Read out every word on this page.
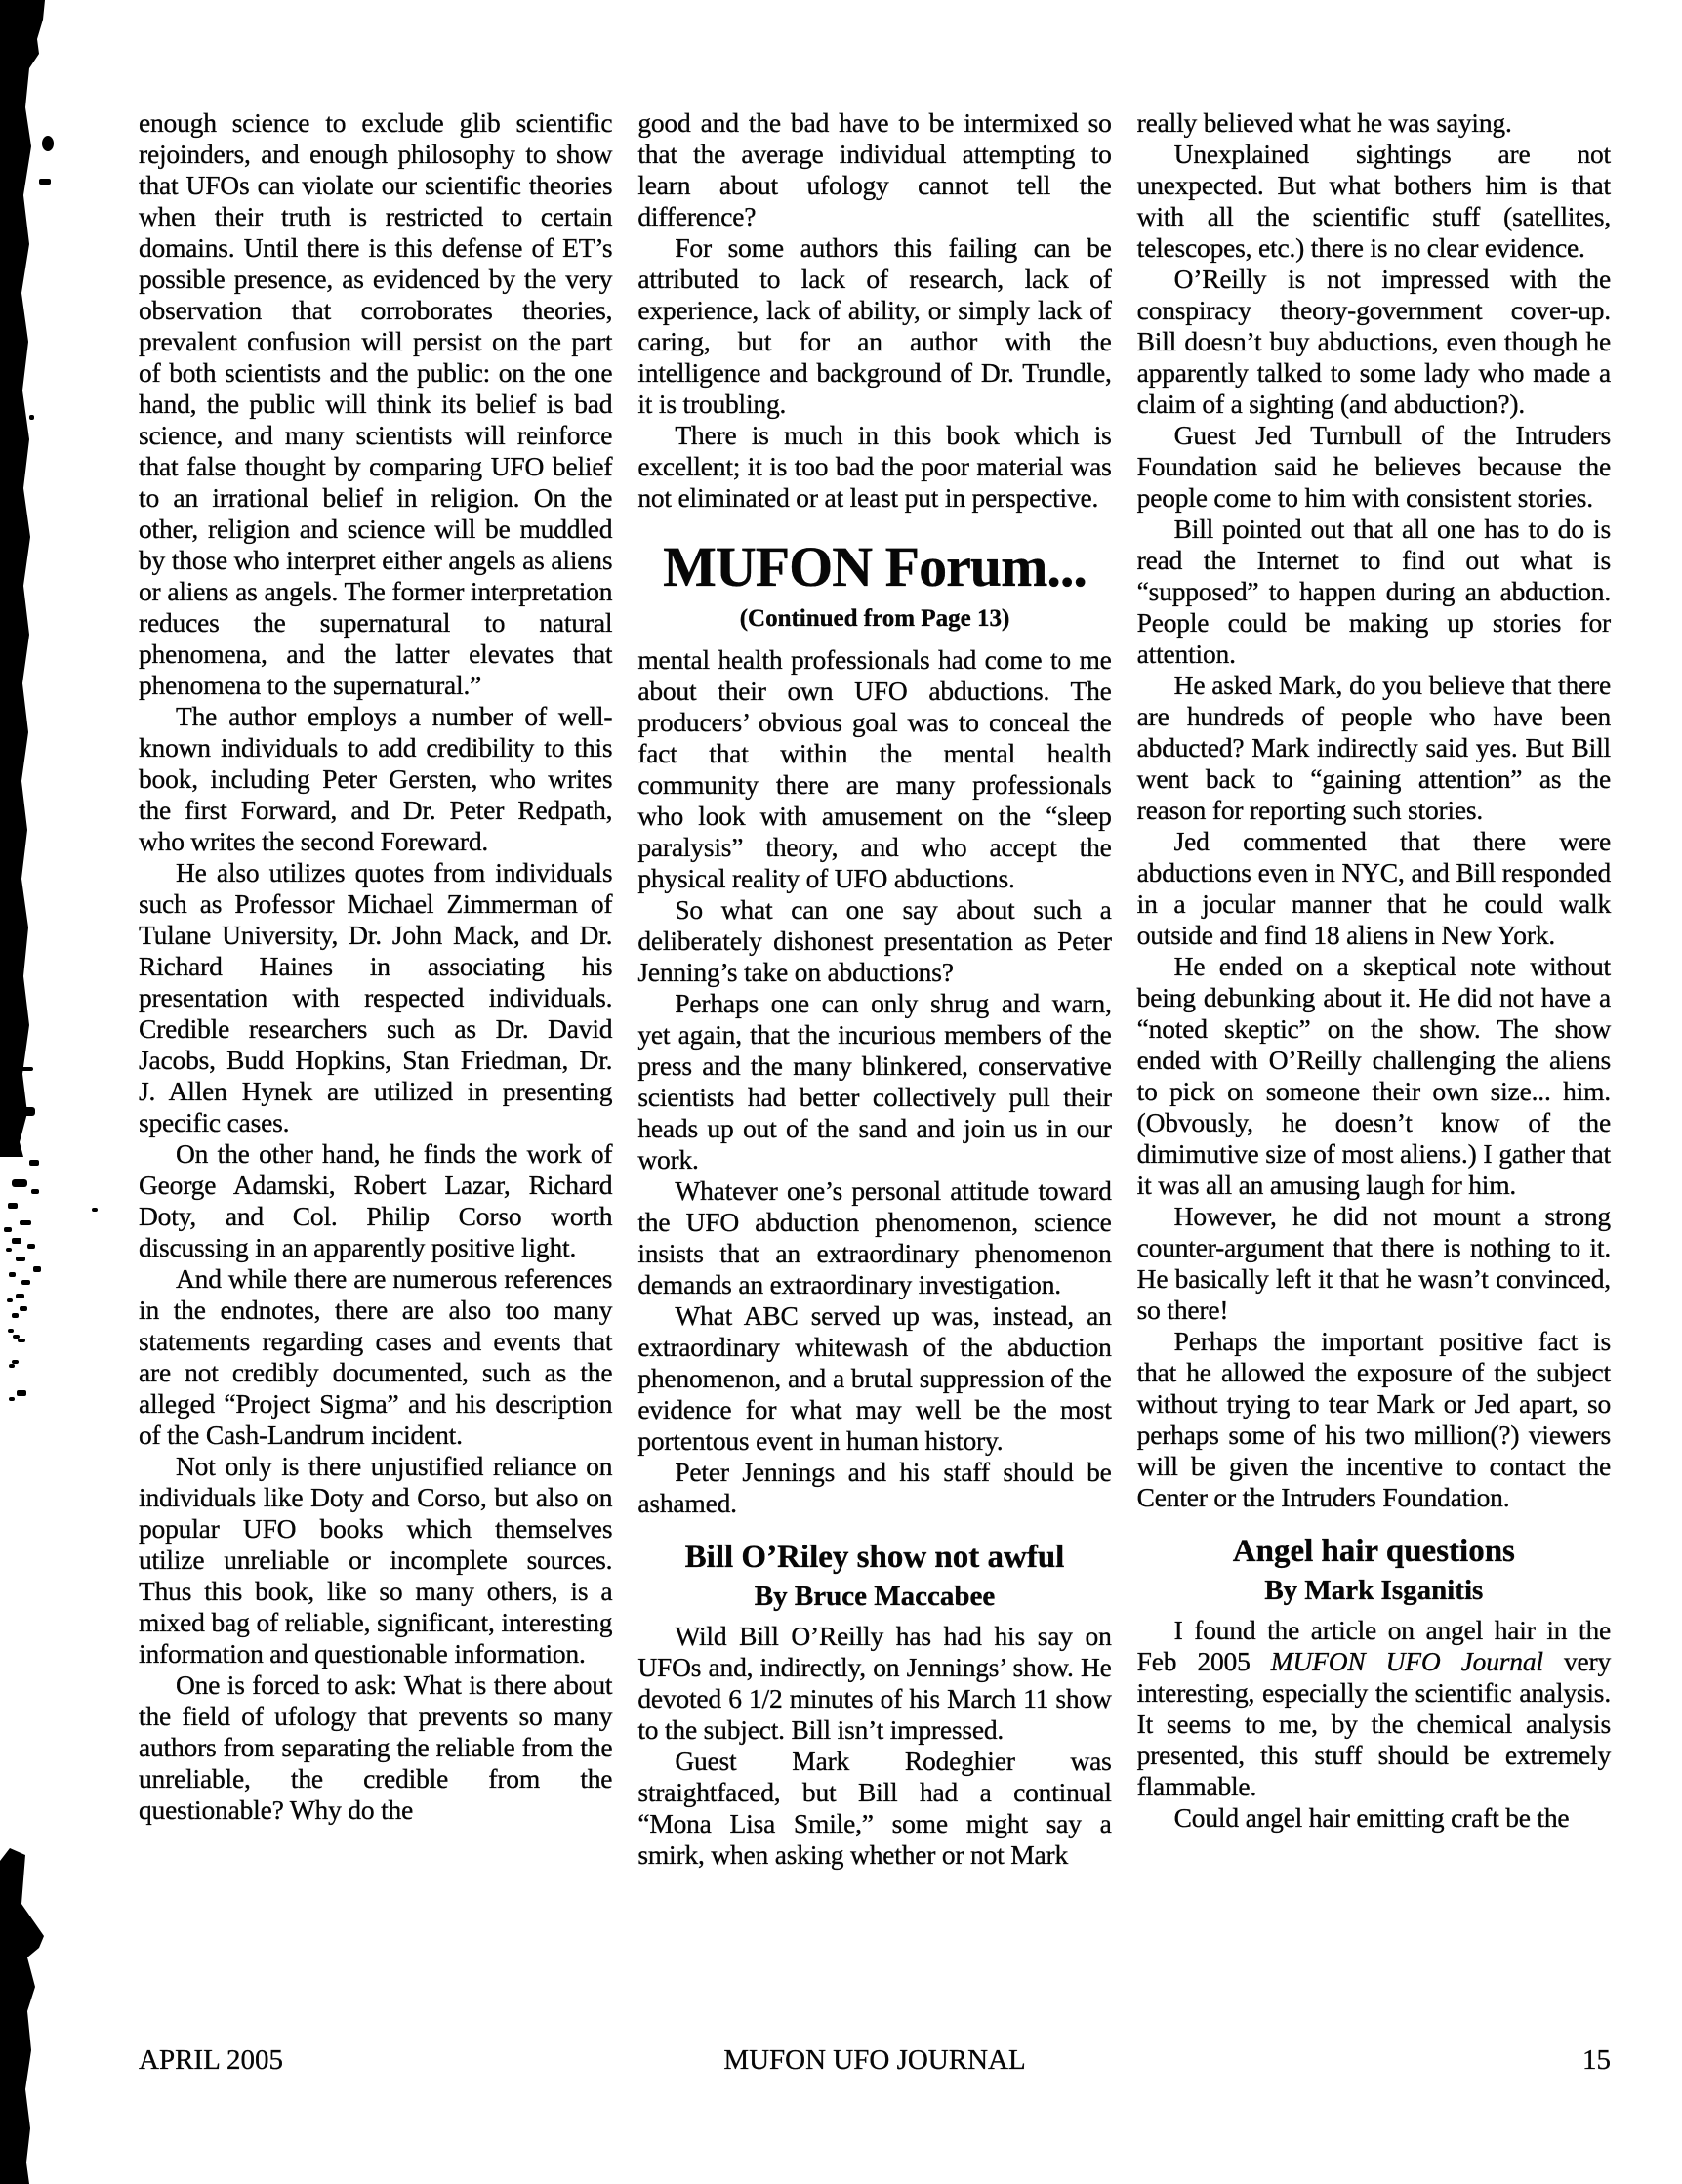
enough science to exclude glib scientific rejoinders, and enough philosophy to show that UFOs can violate our scientific theories when their truth is restricted to certain domains. Until there is this defense of ET’s possible presence, as evidenced by the very observation that corroborates theories, prevalent confusion will persist on the part of both scientists and the public: on the one hand, the public will think its belief is bad science, and many scientists will reinforce that false thought by comparing UFO belief to an irrational belief in religion. On the other, religion and science will be muddled by those who interpret either angels as aliens or aliens as angels. The former interpretation reduces the supernatural to natural phenomena, and the latter elevates that phenomena to the supernatural.”

The author employs a number of well-known individuals to add credibility to this book, including Peter Gersten, who writes the first Forward, and Dr. Peter Redpath, who writes the second Foreward.

He also utilizes quotes from individuals such as Professor Michael Zimmerman of Tulane University, Dr. John Mack, and Dr. Richard Haines in associating his presentation with respected individuals. Credible researchers such as Dr. David Jacobs, Budd Hopkins, Stan Friedman, Dr. J. Allen Hynek are utilized in presenting specific cases.

On the other hand, he finds the work of George Adamski, Robert Lazar, Richard Doty, and Col. Philip Corso worth discussing in an apparently positive light.

And while there are numerous references in the endnotes, there are also too many statements regarding cases and events that are not credibly documented, such as the alleged “Project Sigma” and his description of the Cash-Landrum incident.

Not only is there unjustified reliance on individuals like Doty and Corso, but also on popular UFO books which themselves utilize unreliable or incomplete sources. Thus this book, like so many others, is a mixed bag of reliable, significant, interesting information and questionable information.

One is forced to ask: What is there about the field of ufology that prevents so many authors from separating the reliable from the unreliable, the credible from the questionable? Why do the

good and the bad have to be intermixed so that the average individual attempting to learn about ufology cannot tell the difference?

For some authors this failing can be attributed to lack of research, lack of experience, lack of ability, or simply lack of caring, but for an author with the intelligence and background of Dr. Trundle, it is troubling.

There is much in this book which is excellent; it is too bad the poor material was not eliminated or at least put in perspective.

MUFON Forum...
(Continued from Page 13)

mental health professionals had come to me about their own UFO abductions. The producers’ obvious goal was to conceal the fact that within the mental health community there are many professionals who look with amusement on the “sleep paralysis” theory, and who accept the physical reality of UFO abductions.

So what can one say about such a deliberately dishonest presentation as Peter Jenning’s take on abductions?

Perhaps one can only shrug and warn, yet again, that the incurious members of the press and the many blinkered, conservative scientists had better collectively pull their heads up out of the sand and join us in our work.

Whatever one’s personal attitude toward the UFO abduction phenomenon, science insists that an extraordinary phenomenon demands an extraordinary investigation.

What ABC served up was, instead, an extraordinary whitewash of the abduction phenomenon, and a brutal suppression of the evidence for what may well be the most portentous event in human history.

Peter Jennings and his staff should be ashamed.

Bill O’Riley show not awful
By Bruce Maccabee

Wild Bill O’Reilly has had his say on UFOs and, indirectly, on Jennings’ show. He devoted 6 1/2 minutes of his March 11 show to the subject. Bill isn’t impressed.

Guest Mark Rodeghier was straightfaced, but Bill had a continual “Mona Lisa Smile,” some might say a smirk, when asking whether or not Mark

really believed what he was saying.

Unexplained sightings are not unexpected. But what bothers him is that with all the scientific stuff (satellites, telescopes, etc.) there is no clear evidence.

O’Reilly is not impressed with the conspiracy theory-government cover-up. Bill doesn’t buy abductions, even though he apparently talked to some lady who made a claim of a sighting (and abduction?).

Guest Jed Turnbull of the Intruders Foundation said he believes because the people come to him with consistent stories.

Bill pointed out that all one has to do is read the Internet to find out what is “supposed” to happen during an abduction. People could be making up stories for attention.

He asked Mark, do you believe that there are hundreds of people who have been abducted? Mark indirectly said yes. But Bill went back to “gaining attention” as the reason for reporting such stories.

Jed commented that there were abductions even in NYC, and Bill responded in a jocular manner that he could walk outside and find 18 aliens in New York.

He ended on a skeptical note without being debunking about it. He did not have a “noted skeptic” on the show. The show ended with O’Reilly challenging the aliens to pick on someone their own size... him. (Obvously, he doesn’t know of the dimimutive size of most aliens.) I gather that it was all an amusing laugh for him.

However, he did not mount a strong counter-argument that there is nothing to it. He basically left it that he wasn’t convinced, so there!

Perhaps the important positive fact is that he allowed the exposure of the subject without trying to tear Mark or Jed apart, so perhaps some of his two million(?) viewers will be given the incentive to contact the Center or the Intruders Foundation.

Angel hair questions
By Mark Isganitis

I found the article on angel hair in the Feb 2005 MUFON UFO Journal very interesting, especially the scientific analysis. It seems to me, by the chemical analysis presented, this stuff should be extremely flammable.

Could angel hair emitting craft be the

APRIL 2005	MUFON UFO JOURNAL	15
